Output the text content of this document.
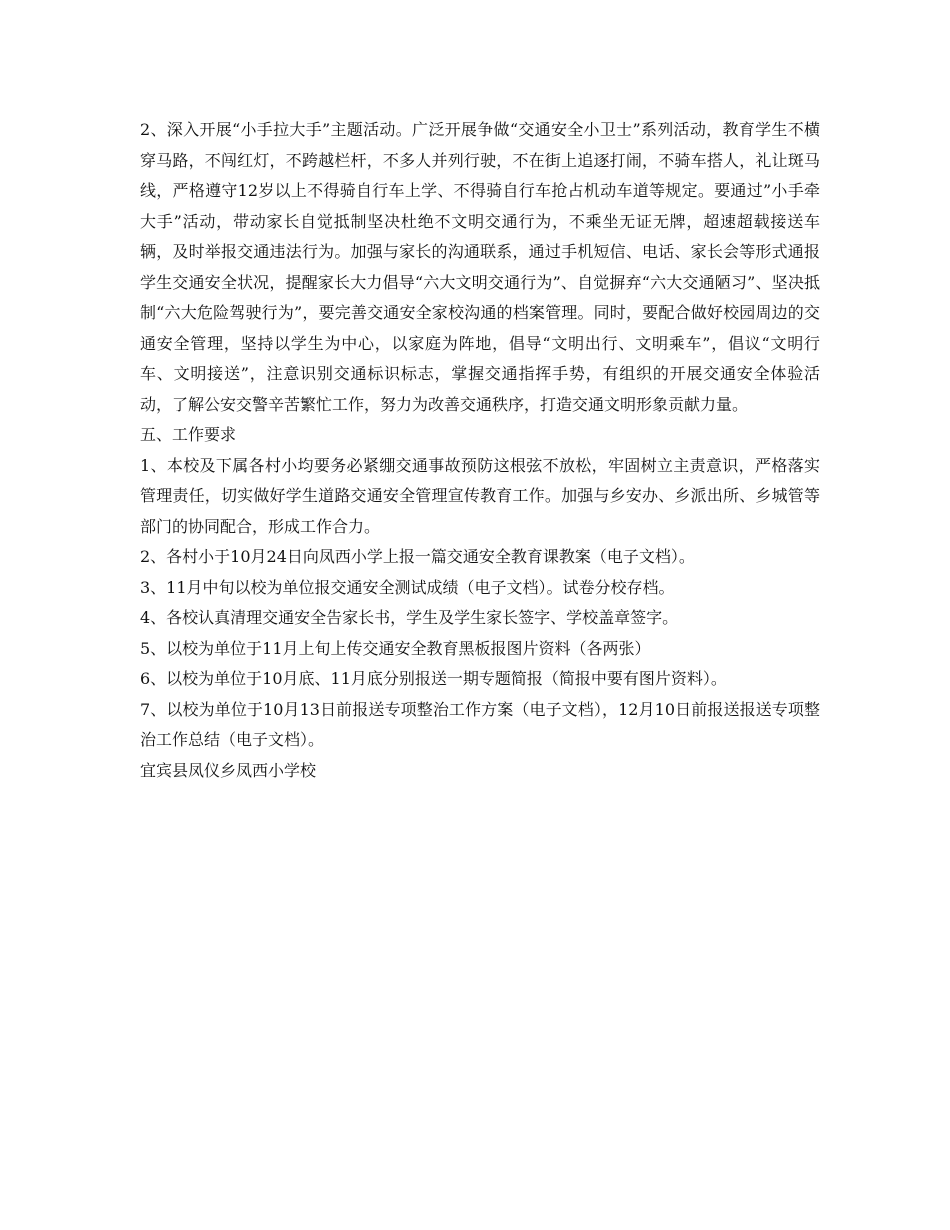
2、深入开展“小手拉大手”主题活动。广泛开展争做“交通安全小卫士”系列活动，教育学生不横穿马路，不闯红灯，不跨越栏杆，不多人并列行驶，不在街上追逐打闹，不骑车搭人，礼让斑马线，严格遵守12岁以上不得骑自行车上学、不得骑自行车抢占机动车道等规定。要通过”小手牵大手”活动，带动家长自觉抵制坚决杜绝不文明交通行为，不乘坐无证无牌，超速超载接送车辆，及时举报交通违法行为。加强与家长的沟通联系，通过手机短信、电话、家长会等形式通报学生交通安全状况，提醒家长大力倡导“六大文明交通行为”、自觉摒弃“六大交通陋习”、坚决抵制“六大危险驾驶行为”，要完善交通安全家校沟通的档案管理。同时，要配合做好校园周边的交通安全管理，坚持以学生为中心，以家庭为阵地，倡导“文明出行、文明乘车”，倡议“文明行车、文明接送”，注意识别交通标识标志，掌握交通指挥手势，有组织的开展交通安全体验活动，了解公安交警辛苦繁忙工作，努力为改善交通秩序，打造交通文明形象贡献力量。

五、工作要求

1、本校及下属各村小均要务必紧绷交通事故预防这根弦不放松，牢固树立主责意识，严格落实管理责任，切实做好学生道路交通安全管理宣传教育工作。加强与乡安办、乡派出所、乡城管等部门的协同配合，形成工作合力。

2、各村小于10月24日向凤西小学上报一篇交通安全教育课教案（电子文档）。

3、11月中旬以校为单位报交通安全测试成绩（电子文档）。试卷分校存档。

4、各校认真清理交通安全告家长书，学生及学生家长签字、学校盖章签字。

5、以校为单位于11月上旬上传交通安全教育黑板报图片资料（各两张）

6、以校为单位于10月底、11月底分别报送一期专题简报（简报中要有图片资料）。

7、以校为单位于10月13日前报送专项整治工作方案（电子文档），12月10日前报送报送专项整治工作总结（电子文档）。

宜宾县凤仪乡凤西小学校
